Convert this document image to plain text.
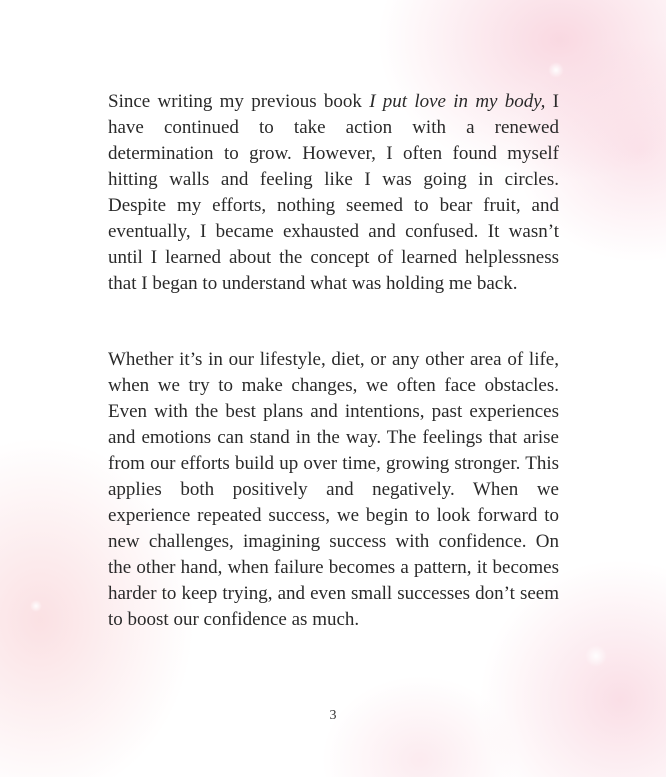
Since writing my previous book I put love in my body, I have continued to take action with a renewed determination to grow. However, I often found myself hitting walls and feeling like I was going in circles. Despite my efforts, nothing seemed to bear fruit, and eventually, I became exhausted and confused. It wasn’t until I learned about the concept of learned helplessness that I began to understand what was holding me back.

Whether it’s in our lifestyle, diet, or any other area of life, when we try to make changes, we often face obstacles. Even with the best plans and intentions, past experiences and emotions can stand in the way. The feelings that arise from our efforts build up over time, growing stronger. This applies both positively and negatively. When we experience repeated success, we begin to look forward to new challenges, imagining success with confidence. On the other hand, when failure becomes a pattern, it becomes harder to keep trying, and even small successes don’t seem to boost our confidence as much.

3
